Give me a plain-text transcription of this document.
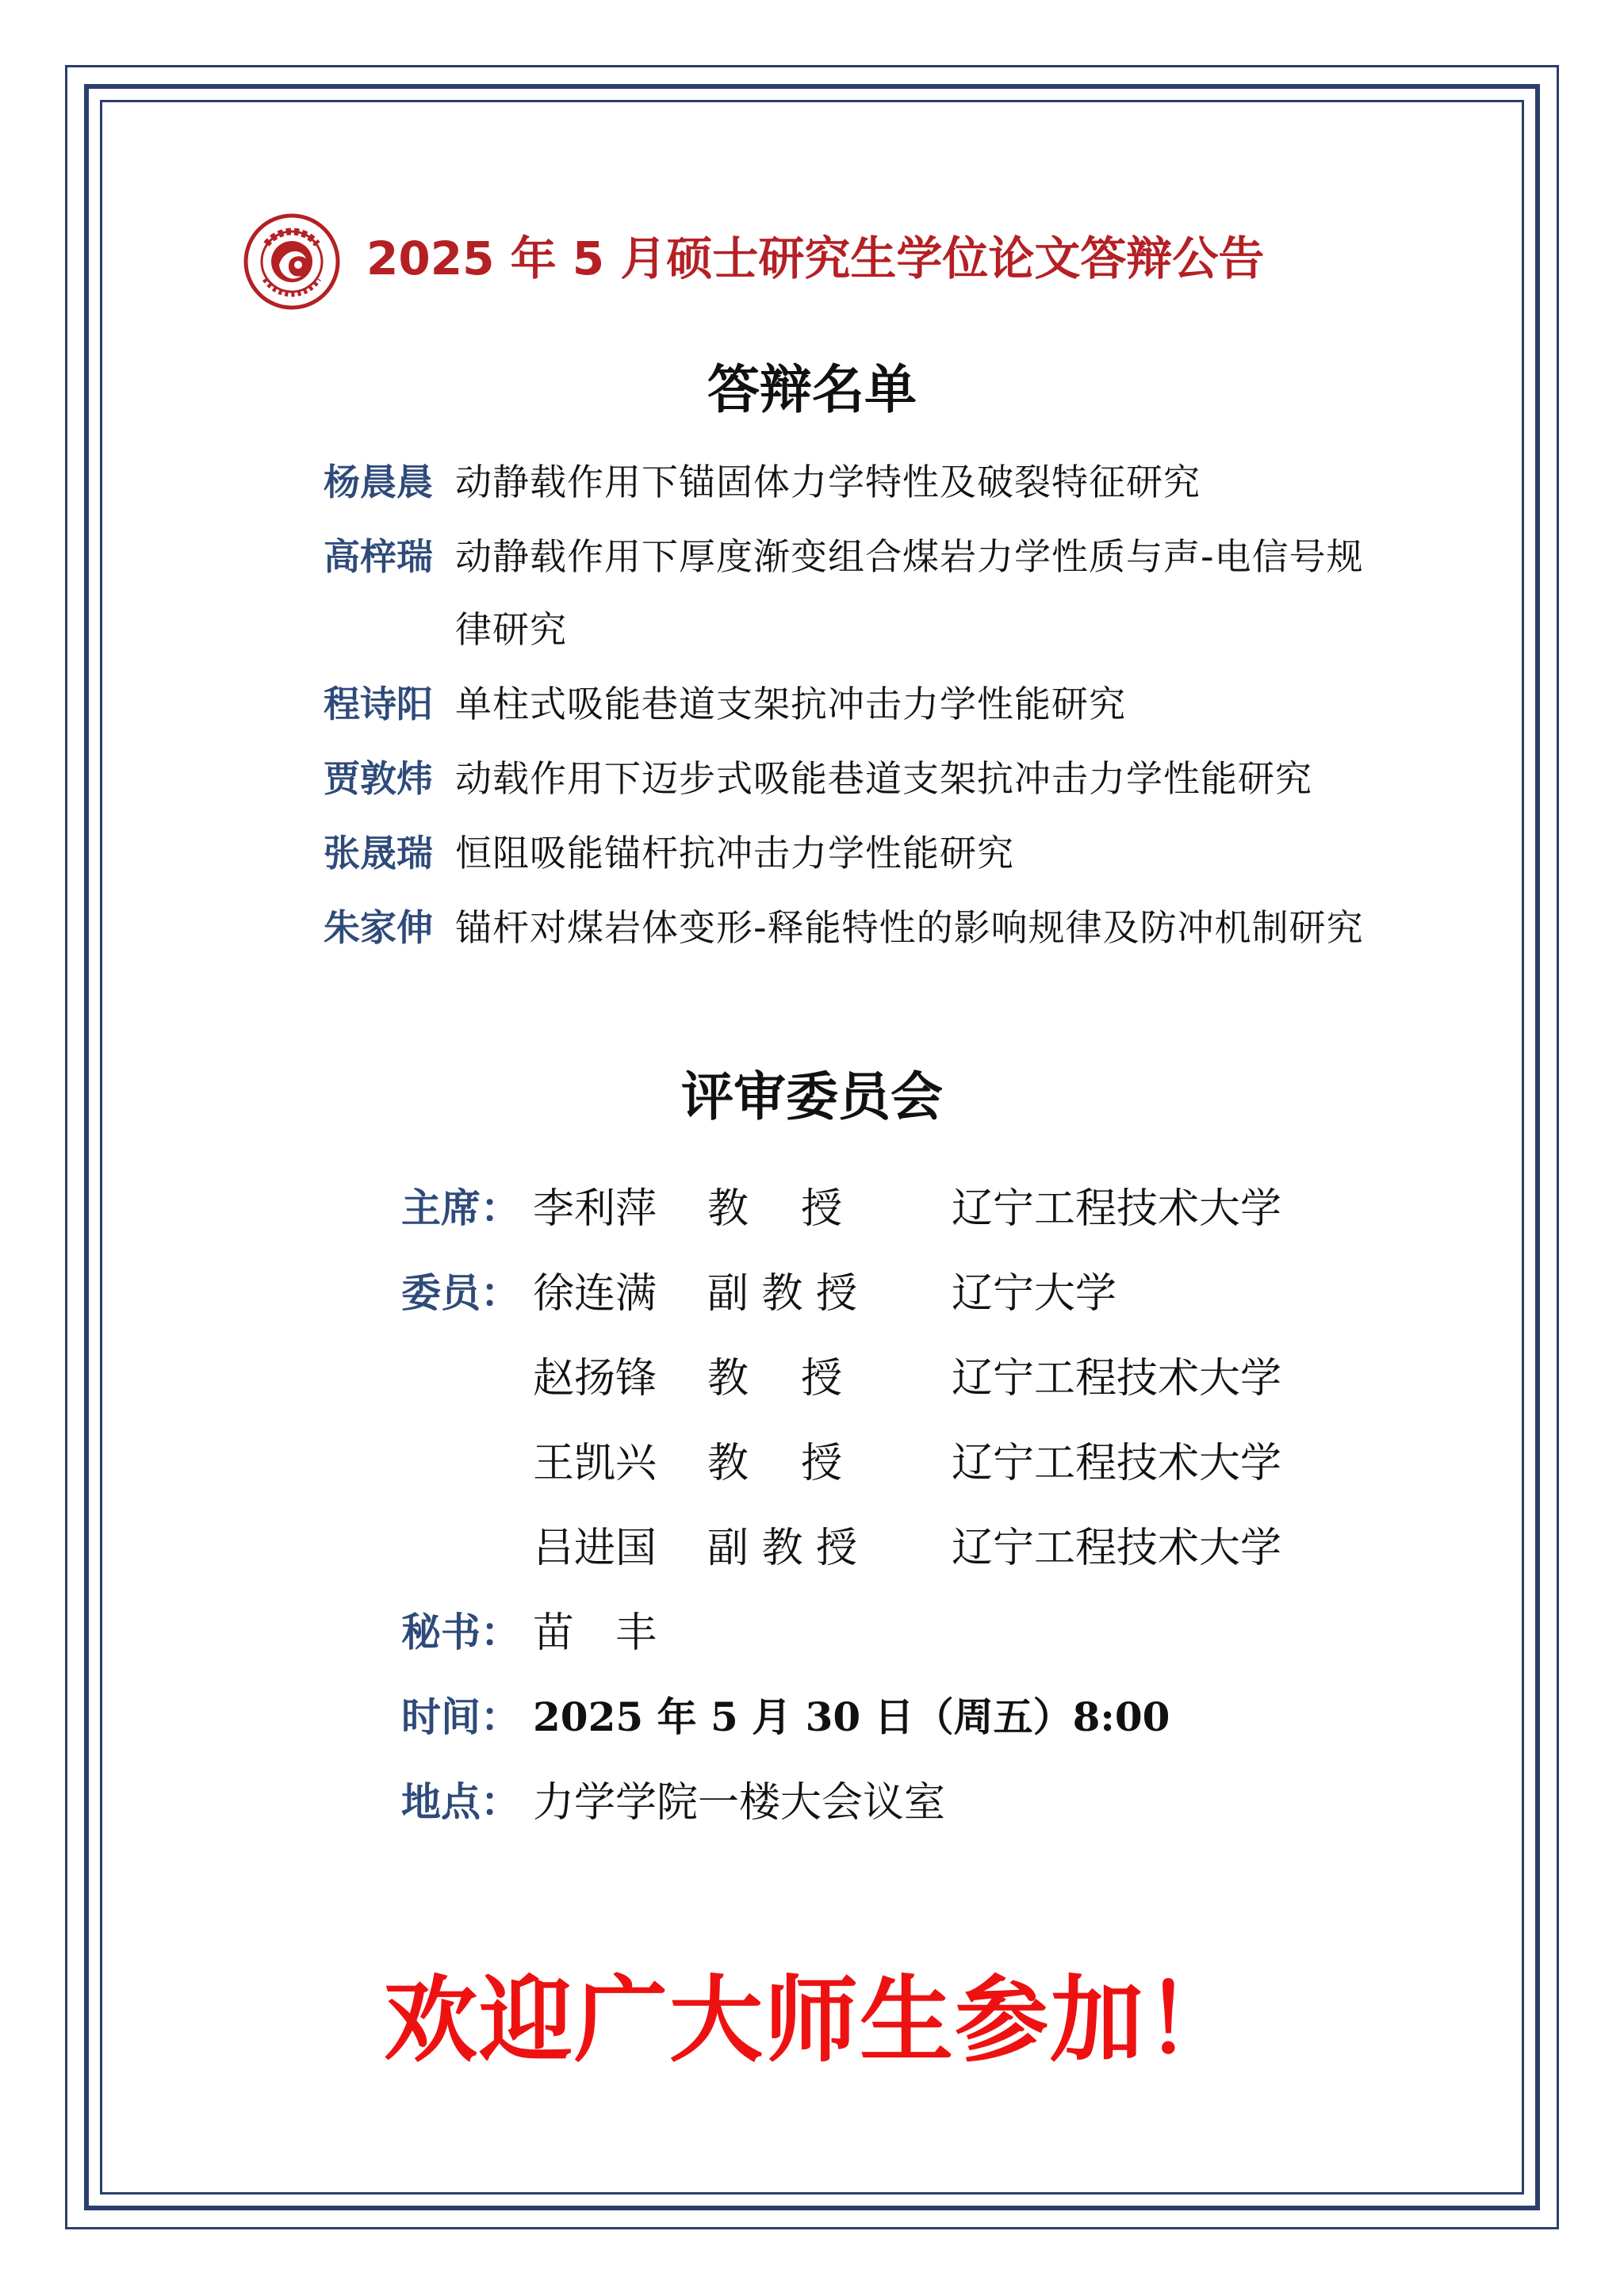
2025 年 5 月硕士研究生学位论文答辩公告
答辩名单
杨晨晨 动静载作用下锚固体力学特性及破裂特征研究
高梓瑞 动静载作用下厚度渐变组合煤岩力学性质与声-电信号规律研究
程诗阳 单柱式吸能巷道支架抗冲击力学性能研究
贾敦炜 动载作用下迈步式吸能巷道支架抗冲击力学性能研究
张晟瑞 恒阻吸能锚杆抗冲击力学性能研究
朱家伸 锚杆对煤岩体变形-释能特性的影响规律及防冲机制研究
评审委员会
主席： 李利萍	教    授	辽宁工程技术大学
委员： 徐连满	副 教 授	辽宁大学
赵扬锋	教    授	辽宁工程技术大学
王凯兴	教    授	辽宁工程技术大学
吕进国	副 教 授	辽宁工程技术大学
秘书： 苗　丰
时间： 2025 年 5 月 30 日（周五）8:00
地点： 力学学院一楼大会议室
欢迎广大师生参加！
